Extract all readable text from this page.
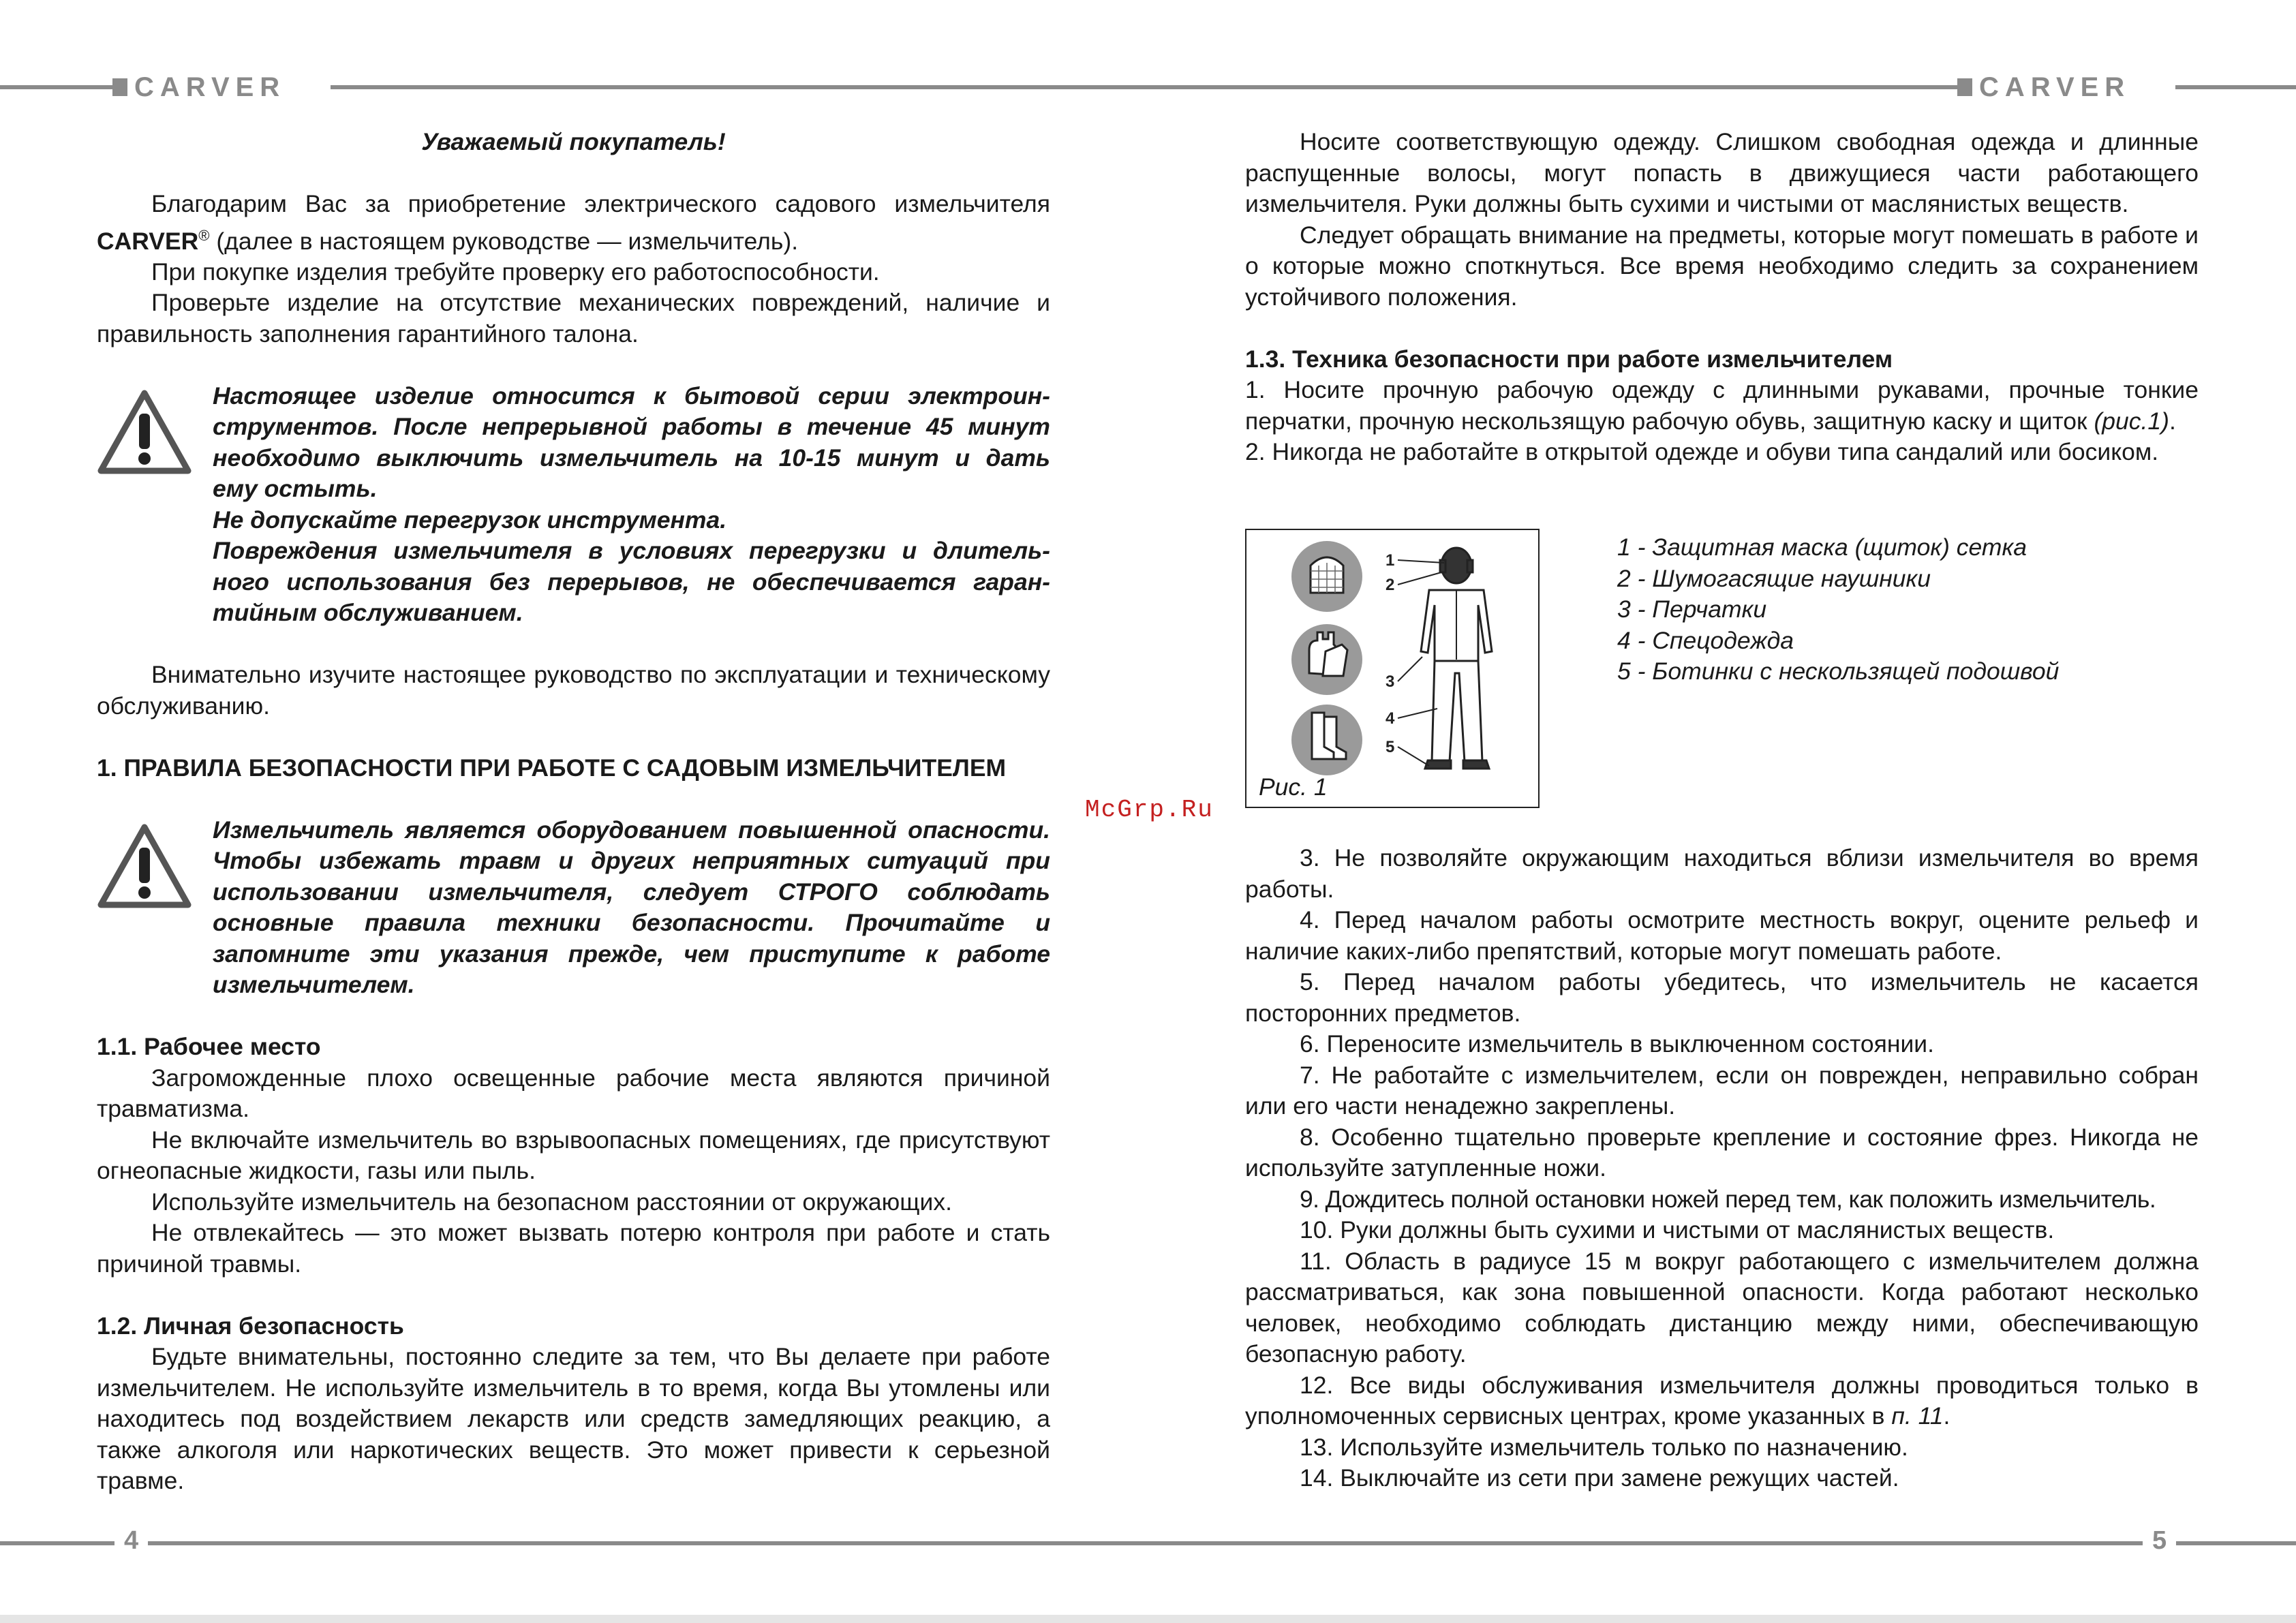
CARVER	CARVER
4	5

Уважаемый покупатель!

Благодарим Вас за приобретение электрического садового измельчителя CARVER® (далее в настоящем руководстве — измельчитель).

При покупке изделия требуйте проверку его работоспособности.

Проверьте изделие на отсутствие механических повреждений, наличие и правильность заполнения гарантийного талона.

Настоящее изделие относится к бытовой серии электроин-

струментов. После непрерывной работы в течение 45 минут

необходимо выключить измельчитель на 10-15 минут и дать

ему остыть.

Не допускайте перегрузок инструмента.

Повреждения измельчителя в условиях перегрузки и длитель-

ного использования без перерывов, не обеспечивается гаран-

тийным обслуживанием.

Внимательно изучите настоящее руководство по эксплуатации и техническому обслуживанию.

1. ПРАВИЛА БЕЗОПАСНОСТИ ПРИ РАБОТЕ С САДОВЫМ ИЗМЕЛЬЧИТЕЛЕМ

Измельчитель является оборудованием повышенной опасности. Чтобы избежать травм и других неприятных ситуаций при использовании измельчителя, следует СТРОГО соблюдать основные правила техники безопасности. Прочитайте и запомните эти указания прежде, чем приступите к работе измельчителем.

1.1. Рабочее место

Загроможденные плохо освещенные рабочие места являются причиной травматизма.

Не включайте измельчитель во взрывоопасных помещениях, где присутствуют огнеопасные жидкости, газы или пыль.

Используйте измельчитель на безопасном расстоянии от окружающих.

Не отвлекайтесь — это может вызвать потерю контроля при работе и стать причиной травмы.

1.2. Личная безопасность

Будьте внимательны, постоянно следите за тем, что Вы делаете при работе измельчителем. Не используйте измельчитель в то время, когда Вы утомлены или находитесь под воздействием лекарств или средств замедляющих реакцию, а также алкоголя или наркотических веществ. Это может привести к серьезной травме.

Носите соответствующую одежду. Слишком свободная одежда и длинные распущенные волосы, могут попасть в движущиеся части работающего измельчителя. Руки должны быть сухими и чистыми от маслянистых веществ.

Следует обращать внимание на предметы, которые могут помешать в работе и о которые можно споткнуться. Все время необходимо следить за сохранением устойчивого положения.

1.3. Техника безопасности при работе измельчителем

1. Носите прочную рабочую одежду с длинными рукавами, прочные тонкие перчатки, прочную нескользящую рабочую обувь, защитную каску и щиток (рис.1).

2. Никогда не работайте в открытой одежде и обуви типа сандалий или босиком.

1
2
3
4
5
Рис. 1
1 - Защитная маска (щиток) сетка
2 - Шумогасящие наушники
3 - Перчатки
4 - Спецодежда
5 - Ботинки с нескользящей подошвой
McGrp.Ru

3. Не позволяйте окружающим находиться вблизи измельчителя во время работы.

4. Перед началом работы осмотрите местность вокруг, оцените рельеф и наличие каких-либо препятствий, которые могут помешать работе.

5. Перед началом работы убедитесь, что измельчитель не касается посторонних предметов.

6. Переносите измельчитель в выключенном состоянии.

7. Не работайте с измельчителем, если он поврежден, неправильно собран или его части ненадежно закреплены.

8. Особенно тщательно проверьте крепление и состояние фрез. Никогда не используйте затупленные ножи.

9. Дождитесь полной остановки ножей перед тем, как положить измельчитель.

10. Руки должны быть сухими и чистыми от маслянистых веществ.

11. Область в радиусе 15 м вокруг работающего с измельчителем должна рассматриваться, как зона повышенной опасности. Когда работают несколько человек, необходимо соблюдать дистанцию между ними, обеспечивающую безопасную работу.

12. Все виды обслуживания измельчителя должны проводиться только в уполномоченных сервисных центрах, кроме указанных в п. 11.

13. Используйте измельчитель только по назначению.

14. Выключайте из сети при замене режущих частей.
